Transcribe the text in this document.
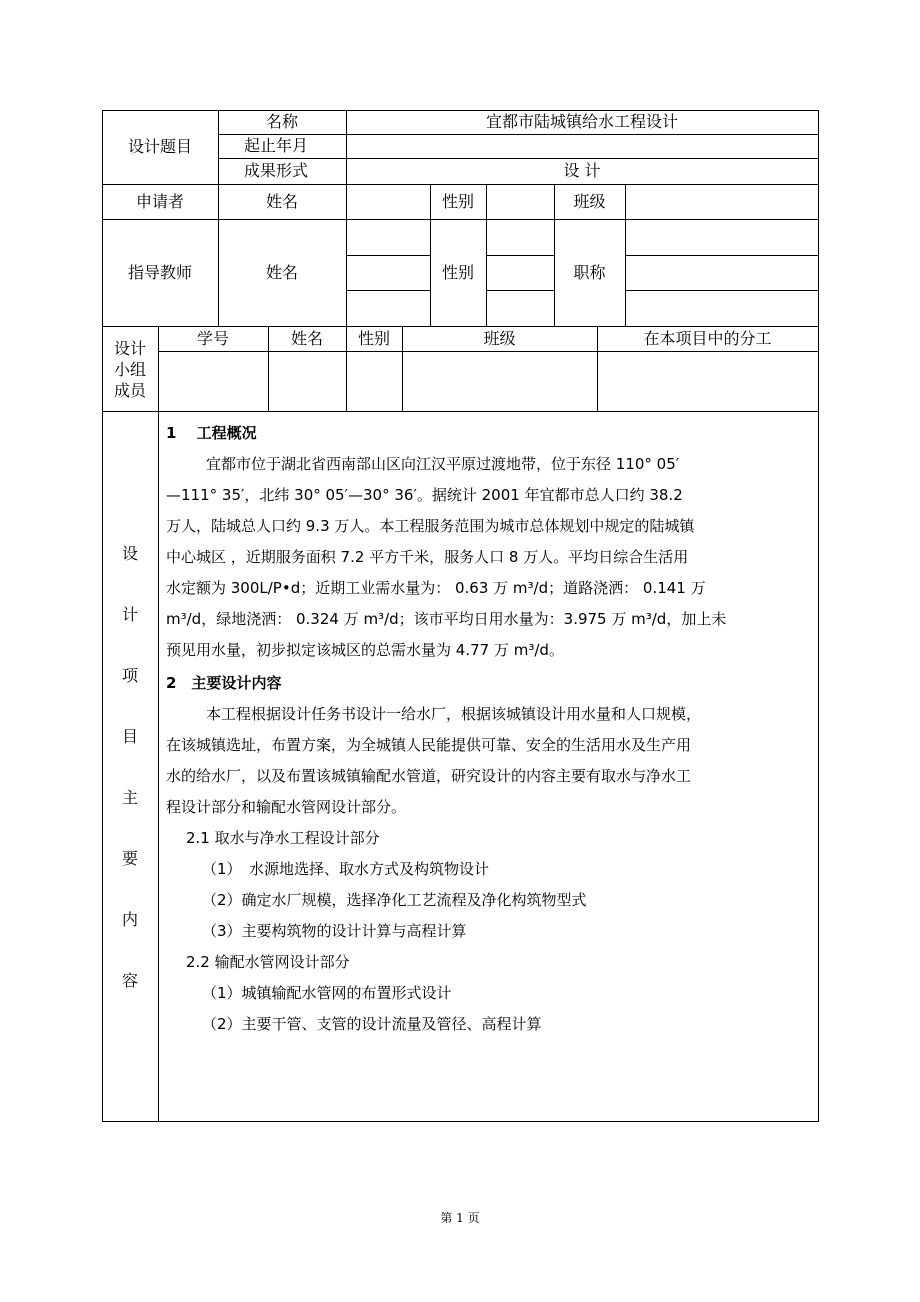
设计题目
名称	宜都市陆城镇给水工程设计
起止年月
成果形式	设 计
申请者	姓名	性别	班级
指导教师	姓名	性别	职称
设计
小组
成员
学号	姓名	性别	班级	在本项目中的分工
设
计
项
目
主
要
内
容

1　 工程概况

宜都市位于湖北省西南部山区向江汉平原过渡地带，位于东径 110° 05′

—111° 35′，北纬 30° 05′—30° 36′。据统计 2001 年宜都市总人口约 38.2

万人，陆城总人口约 9.3 万人。本工程服务范围为城市总体规划中规定的陆城镇

中心城区 ，近期服务面积 7.2 平方千米，服务人口 8 万人。平均日综合生活用

水定额为 300L/P•d；近期工业需水量为： 0.63 万 m³/d；道路浇洒： 0.141 万

m³/d，绿地浇洒： 0.324 万 m³/d；该市平均日用水量为：3.975 万 m³/d，加上未

预见用水量，初步拟定该城区的总需水量为 4.77 万 m³/d。

2　主要设计内容

本工程根据设计任务书设计一给水厂，根据该城镇设计用水量和人口规模，

在该城镇选址，布置方案，为全城镇人民能提供可靠、安全的生活用水及生产用

水的给水厂，以及布置该城镇输配水管道，研究设计的内容主要有取水与净水工

程设计部分和输配水管网设计部分。

2.1 取水与净水工程设计部分

（1）　水源地选择、取水方式及构筑物设计

（2）确定水厂规模，选择净化工艺流程及净化构筑物型式

（3）主要构筑物的设计计算与高程计算

2.2 输配水管网设计部分

（1）城镇输配水管网的布置形式设计

（2）主要干管、支管的设计流量及管径、高程计算

第 1 页
